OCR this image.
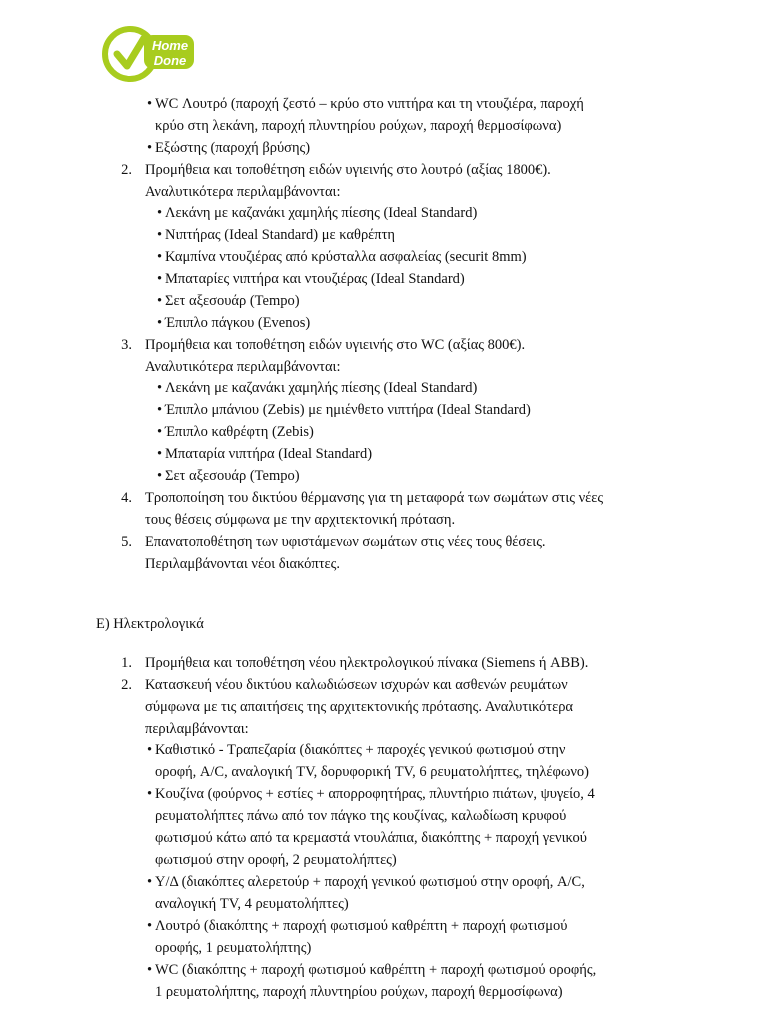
Home
Done
• WC Λουτρό (παροχή ζεστό – κρύο στο νιπτήρα και τη ντουζιέρα, παροχή
κρύο στη λεκάνη, παροχή πλυντηρίου ρούχων, παροχή θερμοσίφωνα)
• Εξώστης (παροχή βρύσης)
2. Προμήθεια και τοποθέτηση ειδών υγιεινής στο λουτρό (αξίας 1800€).
Αναλυτικότερα περιλαμβάνονται:
• Λεκάνη με καζανάκι χαμηλής πίεσης (Ideal Standard)
• Νιπτήρας (Ideal Standard) με καθρέπτη
• Καμπίνα ντουζιέρας από κρύσταλλα ασφαλείας (securit 8mm)
• Μπαταρίες νιπτήρα και ντουζιέρας (Ideal Standard)
• Σετ αξεσουάρ (Tempo)
• Έπιπλο πάγκου (Evenos)
3. Προμήθεια και τοποθέτηση ειδών υγιεινής στο WC (αξίας 800€).
Αναλυτικότερα περιλαμβάνονται:
• Λεκάνη με καζανάκι χαμηλής πίεσης (Ideal Standard)
• Έπιπλο μπάνιου (Zebis) με ημιένθετο νιπτήρα (Ideal Standard)
• Έπιπλο καθρέφτη (Zebis)
• Μπαταρία νιπτήρα (Ideal Standard)
• Σετ αξεσουάρ (Tempo)
4. Τροποποίηση του δικτύου θέρμανσης για τη μεταφορά των σωμάτων στις νέες
τους θέσεις σύμφωνα με την αρχιτεκτονική πρόταση.
5. Επανατοποθέτηση των υφιστάμενων σωμάτων στις νέες τους θέσεις.
Περιλαμβάνονται νέοι διακόπτες.
Ε) Ηλεκτρολογικά
1. Προμήθεια και τοποθέτηση νέου ηλεκτρολογικού πίνακα (Siemens ή ABB).
2. Κατασκευή νέου δικτύου καλωδιώσεων ισχυρών και ασθενών ρευμάτων
σύμφωνα με τις απαιτήσεις της αρχιτεκτονικής πρότασης. Αναλυτικότερα
περιλαμβάνονται:
• Καθιστικό - Τραπεζαρία (διακόπτες + παροχές γενικού φωτισμού στην
οροφή, A/C, αναλογική TV, δορυφορική TV, 6 ρευματολήπτες, τηλέφωνο)
• Κουζίνα (φούρνος + εστίες + απορροφητήρας, πλυντήριο πιάτων, ψυγείο, 4
ρευματολήπτες πάνω από τον πάγκο της κουζίνας, καλωδίωση κρυφού
φωτισμού κάτω από τα κρεμαστά ντουλάπια, διακόπτης + παροχή γενικού
φωτισμού στην οροφή, 2 ρευματολήπτες)
• Υ/Δ (διακόπτες αλερετούρ + παροχή γενικού φωτισμού στην οροφή, A/C,
αναλογική TV, 4 ρευματολήπτες)
• Λουτρό (διακόπτης + παροχή φωτισμού καθρέπτη + παροχή φωτισμού
οροφής, 1 ρευματολήπτης)
• WC (διακόπτης + παροχή φωτισμού καθρέπτη + παροχή φωτισμού οροφής,
1 ρευματολήπτης, παροχή πλυντηρίου ρούχων, παροχή θερμοσίφωνα)
